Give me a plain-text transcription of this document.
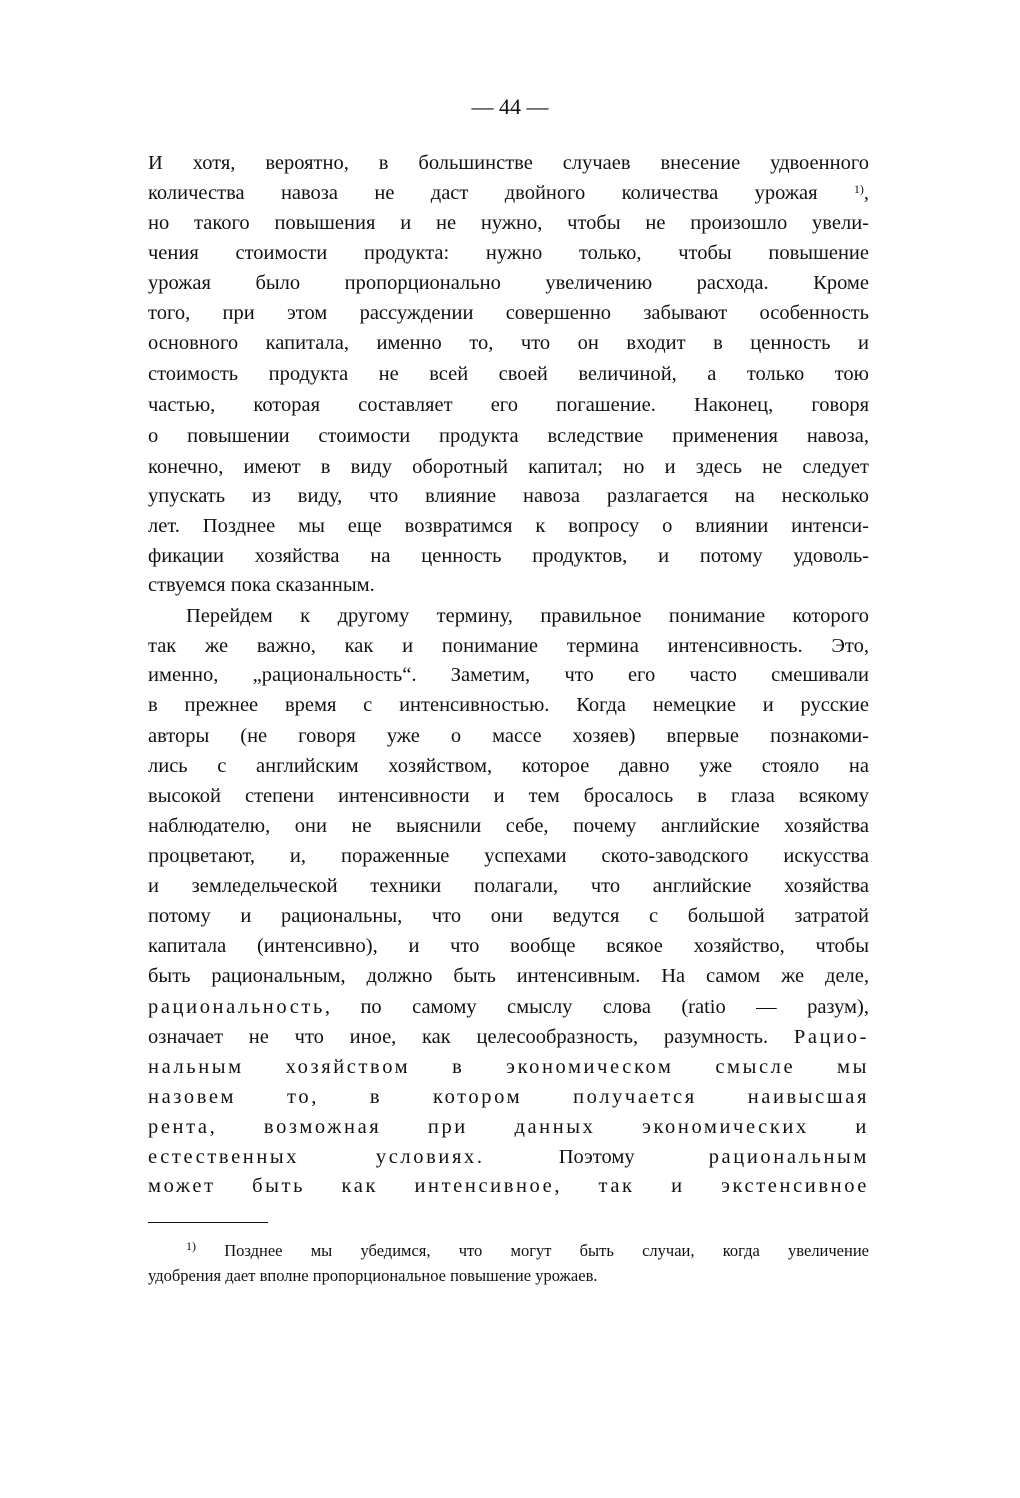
— 44 —
И хотя, вероятно, в большинстве случаев внесение удвоенного
количества навоза не даст двойного количества урожая	$^{1)}$,
но такого повышения и не нужно, чтобы не произошло увели-
чения стоимости продукта: нужно только, чтобы повышение
урожая было пропорционально увеличению расхода. Кроме
того, при этом рассуждении совершенно забывают особенность
основного капитала, именно то, что он входит в ценность и
стоимость продукта не всей своей величиной, а только тою
частью, которая составляет его погашение. Наконец, говоря
о повышении стоимости продукта вследствие применения навоза,
конечно, имеют в виду оборотный капитал; но и здесь не следует
упускать из виду, что влияние навоза разлагается на несколько
лет. Позднее мы еще возвратимся к вопросу о влиянии интенси-
фикации хозяйства на ценность продуктов, и потому удоволь-
ствуемся пока сказанным.
Перейдем к другому термину, правильное понимание которого
так же важно, как и понимание термина интенсивность. Это,
именно, „рациональность“. Заметим, что его часто смешивали
в прежнее время с интенсивностью. Когда немецкие и русские
авторы (не говоря уже о массе хозяев) впервые познакоми-
лись с английским хозяйством, которое давно уже стояло на
высокой степени интенсивности и тем бросалось в глаза всякому
наблюдателю, они не выяснили себе, почему английские хозяйства
процветают, и, пораженные успехами ското-заводского искусства
и земледельческой техники полагали, что английские хозяйства
потому и рациональны, что они ведутся с большой затратой
капитала (интенсивно), и что вообще всякое хозяйство, чтобы
быть рациональным, должно быть интенсивным. На самом же деле,
рациональность, по самому смыслу слова (ratio — разум),
означает не что иное, как целесообразность, разумность. Рацио-
нальным хозяйством в экономическом смысле мы
назовем то, в котором получается наивысшая
рента, возможная при данных экономических и
естественных условиях.	Поэтому	рациональным
может быть как интенсивное, так и экстенсивное
$^{1)}$ Позднее мы убедимся, что могут быть случаи, когда увеличение
удобрения дает вполне пропорциональное повышение урожаев.
